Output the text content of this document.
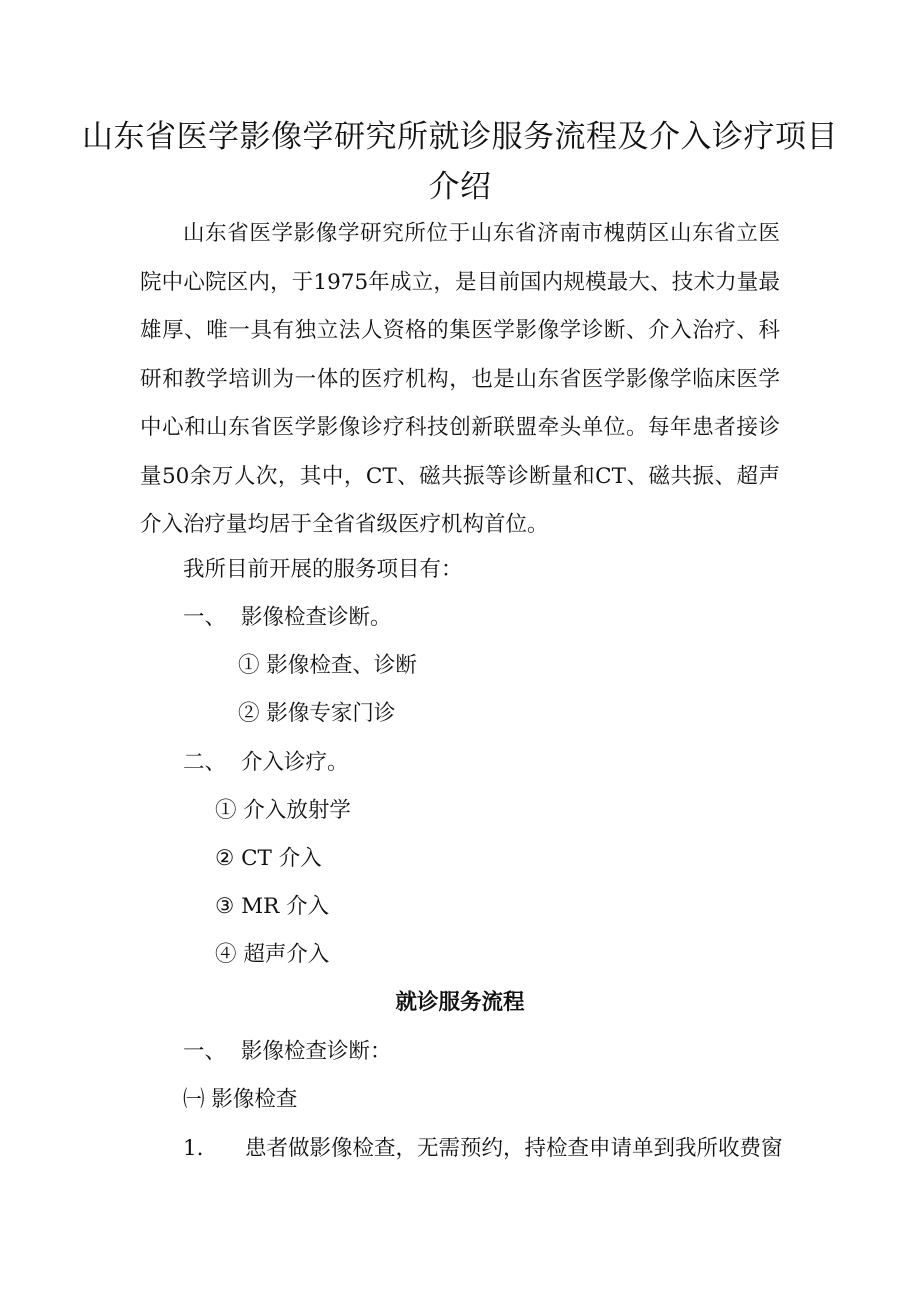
山东省医学影像学研究所就诊服务流程及介入诊疗项目介绍

山东省医学影像学研究所位于山东省济南市槐荫区山东省立医院中心院区内，于1975年成立，是目前国内规模最大、技术力量最雄厚、唯一具有独立法人资格的集医学影像学诊断、介入治疗、科研和教学培训为一体的医疗机构，也是山东省医学影像学临床医学中心和山东省医学影像诊疗科技创新联盟牵头单位。每年患者接诊量50余万人次，其中，CT、磁共振等诊断量和CT、磁共振、超声介入治疗量均居于全省省级医疗机构首位。

我所目前开展的服务项目有：

一、 影像检查诊断。

① 影像检查、诊断

② 影像专家门诊

二、 介入诊疗。

① 介入放射学

② CT 介入

③ MR 介入

④ 超声介入

就诊服务流程

一、 影像检查诊断：

㈠ 影像检查

1. 患者做影像检查，无需预约，持检查申请单到我所收费窗
